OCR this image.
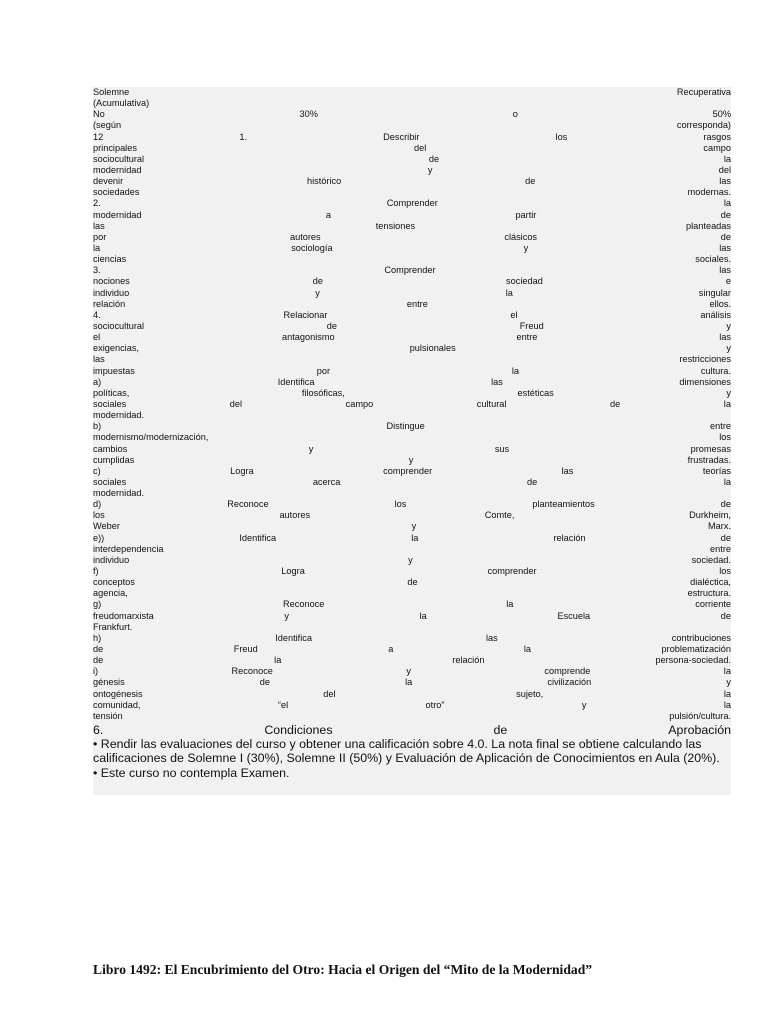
Solemne	Recuperativa
(Acumulativa)
No	30%	o	50%
(según	corresponda)
12	1.	Describir	los	rasgos
principales	del	campo
sociocultural	de	la
modernidad	y	del
devenir	histórico	de	las
sociedades	modernas.
2.	Comprender	la
modernidad	a	partir	de
las	tensiones	planteadas
por	autores	clásicos	de
la	sociología	y	las
ciencias	sociales.
3.	Comprender	las
nociones	de	sociedad	e
individuo	y	la	singular
relación	entre	ellos.
4.	Relacionar	el	análisis
sociocultural	de	Freud	y
el	antagonismo	entre	las
exigencias,	pulsionales	y
las	restricciones
impuestas	por	la	cultura.
a)	Identifica	las	dimensiones
políticas,	filosóficas,	estéticas	y
sociales	del	campo	cultural	de	la
modernidad.
b)	Distingue	entre
modernismo/modernización,	los
cambios	y	sus	promesas
cumplidas	y	frustradas.
c)	Logra	comprender	las	teorías
sociales	acerca	de	la
modernidad.
d)	Reconoce	los	planteamientos	de
los	autores	Comte,	Durkheim,
Weber	y	Marx.
e))	Identifica	la	relación	de
interdependencia	entre
individuo	y	sociedad.
f)	Logra	comprender	los
conceptos	de	dialéctica,
agencia,	estructura.
g)	Reconoce	la	corriente
freudomarxista	y	la	Escuela	de
Frankfurt.
h)	Identifica	las	contribuciones
de	Freud	a	la	problematización
de	la	relación	persona-sociedad.
i)	Reconoce	y	comprende	la
génesis	de	la	civilización	y
ontogénesis	del	sujeto,	la
comunidad,	“el	otro”	y	la
tensión	pulsión/cultura.
6.	Condiciones	de	Aprobación
• Rendir las evaluaciones del curso y obtener una calificación sobre 4.0. La nota final se obtiene calculando las calificaciones de Solemne I (30%), Solemne II (50%) y Evaluación de Aplicación de Conocimientos en Aula (20%).
• Este curso no contempla Examen.
Libro 1492: El Encubrimiento del Otro: Hacia el Origen del “Mito de la Modernidad”
